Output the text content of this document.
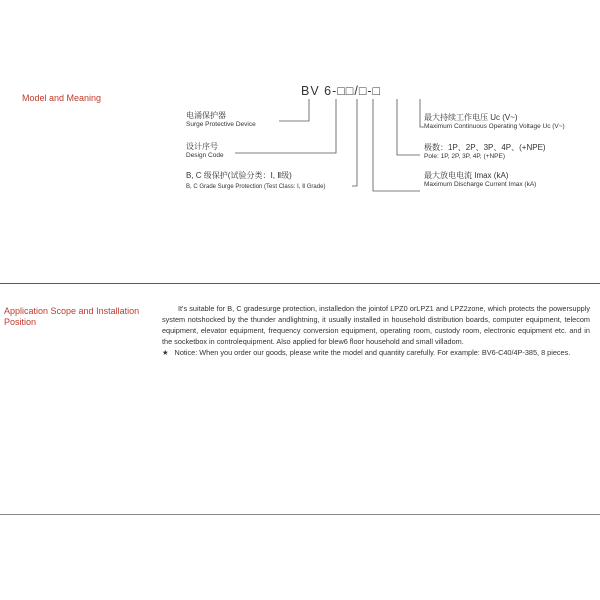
Model and Meaning	BV 6-□□/□-□
电涌保护器
Surge Protective Device
设计序号
Design Code
B, C 级保护(试验分类：Ⅰ, Ⅱ级)
B, C Grade Surge Protection (Test Class: Ⅰ, Ⅱ Grade)
最大持续工作电压 Uc (V~)
Maximum Continuous Operating Voltage Uc (V~)
极数：1P、2P、3P、4P、(+NPE)
Pole: 1P, 2P, 3P, 4P, (+NPE)
最大放电电流 Imax (kA)
Maximum Discharge Current Imax (kA)
Application Scope and Installation Position

It's suitable for B, C gradesurge protection, installedon the jointof LPZ0 orLPZ1 and LPZ2zone, which protects the powersupply system notshocked by the thunder andlightning, it usually installed in household distribution boards, computer equipment, telecom equipment, elevator equipment, frequency conversion equipment, operating room, custody room, electronic equipment etc. and in the socketbox in controlequipment. Also applied for blew6 floor household and small villadom.

★ Notice: When you order our goods, please write the model and quantity carefully. For example: BV6-C40/4P-385, 8 pieces.
